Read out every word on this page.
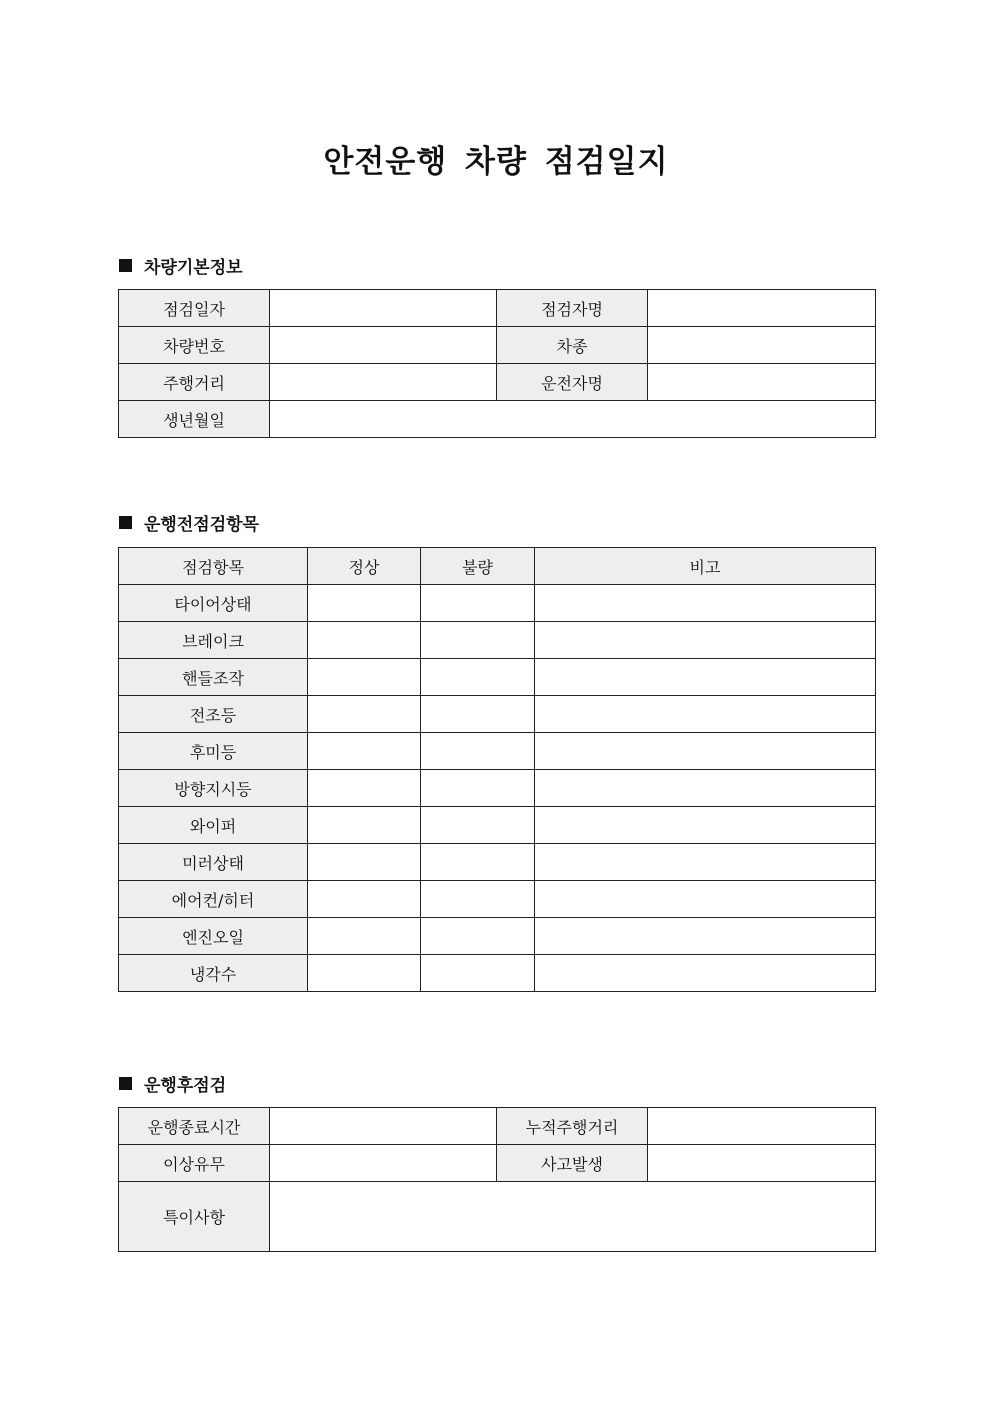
안전운행 차량 점검일지
차량기본정보
점검일자		점검자명	
차량번호		차종	
주행거리		운전자명	
생년월일			
운행전점검항목
점검항목	정상	불량	비고
타이어상태			
브레이크			
핸들조작			
전조등			
후미등			
방향지시등			
와이퍼			
미러상태			
에어컨/히터			
엔진오일			
냉각수			
운행후점검
운행종료시간		누적주행거리	
이상유무		사고발생	
특이사항			
